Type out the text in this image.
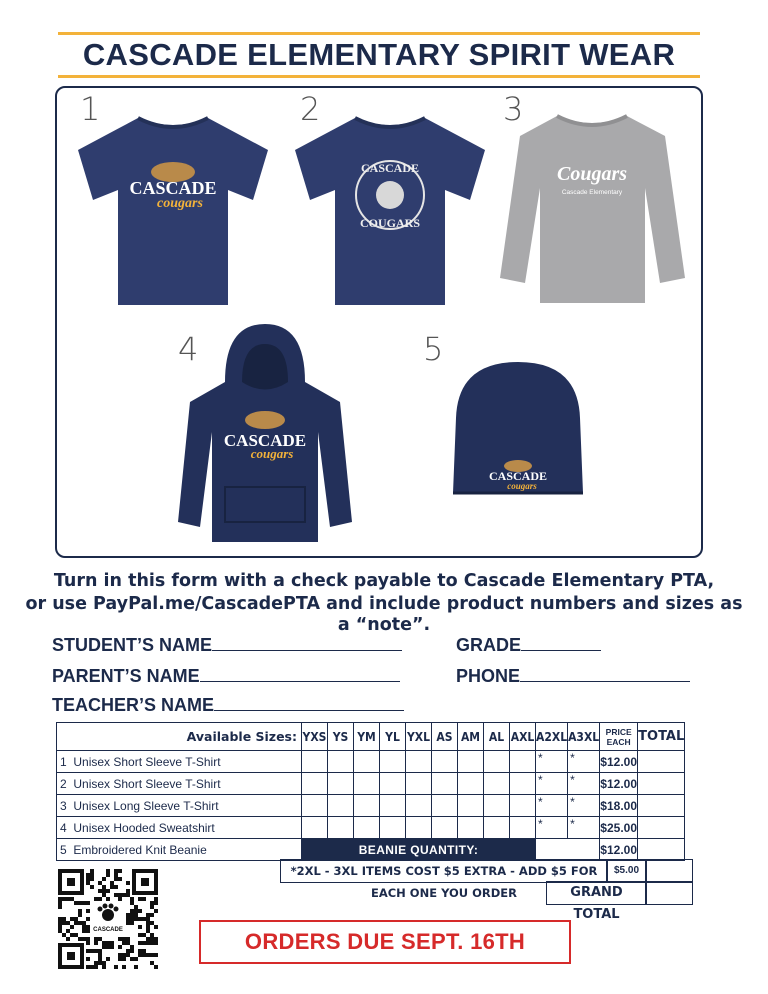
CASCADE ELEMENTARY SPIRIT WEAR
1	2	3
4	5
CASCADE
cougars
CASCADE
COUGARS
Cougars
Cascade Elementary
CASCADE
cougars
CASCADE
cougars
Turn in this form with a check payable to Cascade Elementary PTA,
or use PayPal.me/CascadePTA and include product numbers and sizes as a “note”.
STUDENT’S NAME	GRADE
PARENT’S NAME	PHONE
TEACHER’S NAME
Available Sizes:	YXS	YS	YM	YL	YXL	AS	AM	AL	AXL	A2XL	A3XL	PRICE EACH	TOTAL
1 Unisex Short Sleeve T-Shirt										*	*	$12.00	
2 Unisex Short Sleeve T-Shirt										*	*	$12.00	
3 Unisex Long Sleeve T-Shirt										*	*	$18.00	
4 Unisex Hooded Sweatshirt										*	*	$25.00	
5 Embroidered Knit Beanie	BEANIE QUANTITY:											$12.00	
*2XL - 3XL ITEMS COST $5 EXTRA - ADD $5 FOR EACH ONE YOU ORDER
$5.00
GRAND TOTAL
CASCADE	ORDERS DUE SEPT. 16TH
